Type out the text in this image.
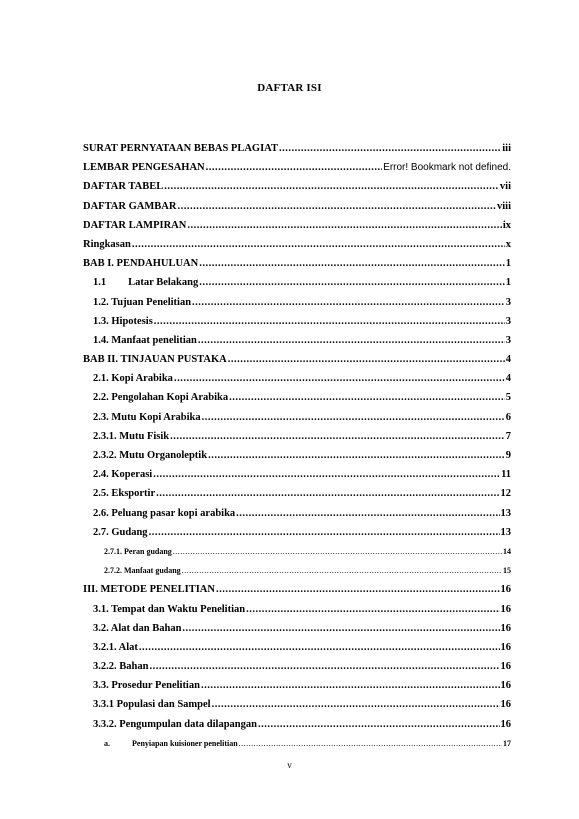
DAFTAR ISI
SURAT PERNYATAAN BEBAS PLAGIAT .....	iii
LEMBAR PENGESAHAN .....	Error! Bookmark not defined.
DAFTAR TABEL .....	vii
DAFTAR GAMBAR .....	viii
DAFTAR LAMPIRAN .....	ix
Ringkasan .....	x
BAB I. PENDAHULUAN .....	1
1.1 Latar Belakang .....	1
1.2. Tujuan Penelitian .....	3
1.3. Hipotesis .....	3
1.4. Manfaat penelitian .....	3
BAB II. TINJAUAN PUSTAKA .....	4
2.1. Kopi Arabika .....	4
2.2. Pengolahan Kopi Arabika .....	5
2.3. Mutu Kopi Arabika .....	6
2.3.1. Mutu Fisik .....	7
2.3.2. Mutu Organoleptik .....	9
2.4. Koperasi .....	11
2.5. Eksportir .....	12
2.6. Peluang pasar kopi arabika .....	13
2.7. Gudang .....	13
2.7.1. Peran gudang .....	14
2.7.2. Manfaat gudang .....	15
III. METODE PENELITIAN .....	16
3.1. Tempat dan Waktu Penelitian .....	16
3.2. Alat dan Bahan .....	16
3.2.1. Alat .....	16
3.2.2. Bahan .....	16
3.3. Prosedur Penelitian .....	16
3.3.1 Populasi dan Sampel .....	16
3.3.2. Pengumpulan data dilapangan .....	16
a.	Penyiapan kuisioner penelitian .....	17
v
